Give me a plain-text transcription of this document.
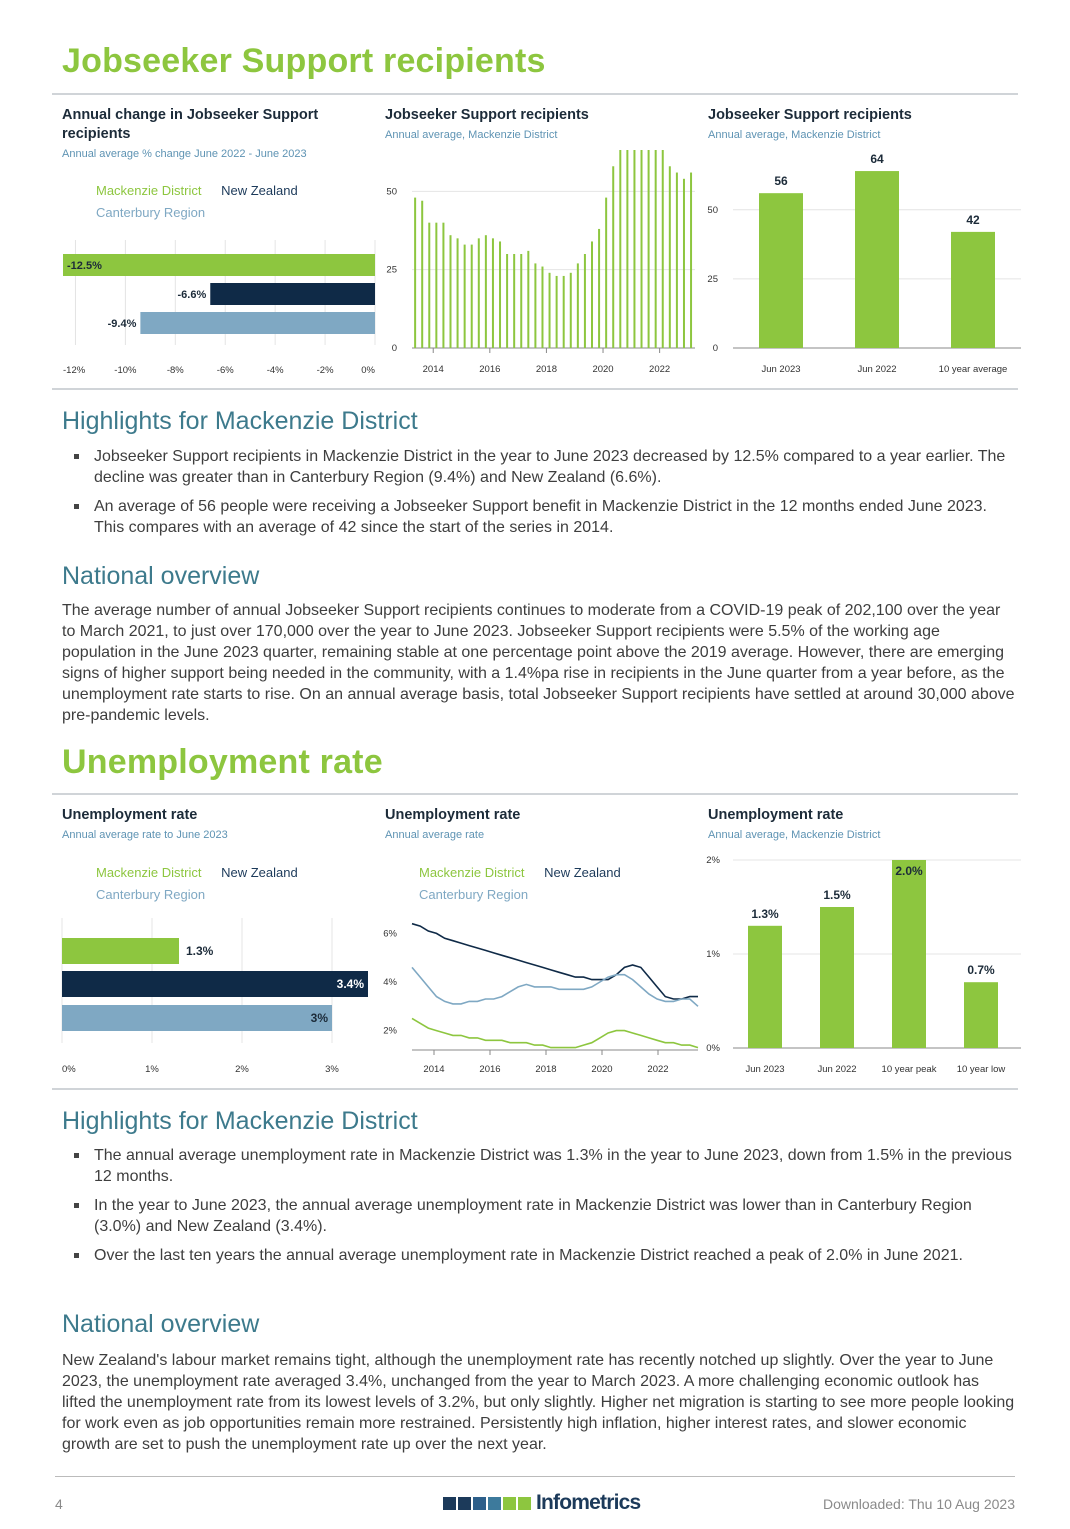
Jobseeker Support recipients
Annual change in Jobseeker Support recipients
Annual average % change June 2022 - June 2023
Mackenzie District New Zealand
Canterbury Region
-12.5%
-6.6%
-9.4%
-12%	-10%	-8%	-6%	-4%	-2%	0%
Jobseeker Support recipients
Annual average, Mackenzie District
0
25
50
2014	2016	2018	2020	2022
Jobseeker Support recipients
Annual average, Mackenzie District
0
25
50
56
Jun 2023
64
Jun 2022
42
10 year average
Highlights for Mackenzie District
Jobseeker Support recipients in Mackenzie District in the year to June 2023 decreased by 12.5% compared to a year earlier. The decline was greater than in Canterbury Region (9.4%) and New Zealand (6.6%).
An average of 56 people were receiving a Jobseeker Support benefit in Mackenzie District in the 12 months ended June 2023. This compares with an average of 42 since the start of the series in 2014.
National overview
The average number of annual Jobseeker Support recipients continues to moderate from a COVID-19 peak of 202,100 over the year to March 2021, to just over 170,000 over the year to June 2023. Jobseeker Support recipients were 5.5% of the working age population in the June 2023 quarter, remaining stable at one percentage point above the 2019 average. However, there are emerging signs of higher support being needed in the community, with a 1.4%pa rise in recipients in the June quarter from a year before, as the unemployment rate starts to rise. On an annual average basis, total Jobseeker Support recipients have settled at around 30,000 above pre-pandemic levels.
Unemployment rate
Unemployment rate
Annual average rate to June 2023
Mackenzie District New Zealand
Canterbury Region
1.3%
3.4%
3%
0%	1%	2%	3%
Unemployment rate
Annual average rate
Mackenzie District New Zealand
Canterbury Region
2%
4%
6%
2014	2016	2018	2020	2022
Unemployment rate
Annual average, Mackenzie District
0%
1%
2%
1.3%
Jun 2023
1.5%
Jun 2022
2.0%
10 year peak
0.7%
10 year low
Highlights for Mackenzie District
The annual average unemployment rate in Mackenzie District was 1.3% in the year to June 2023, down from 1.5% in the previous 12 months.
In the year to June 2023, the annual average unemployment rate in Mackenzie District was lower than in Canterbury Region (3.0%) and New Zealand (3.4%).
Over the last ten years the annual average unemployment rate in Mackenzie District reached a peak of 2.0% in June 2021.
National overview
New Zealand's labour market remains tight, although the unemployment rate has recently notched up slightly. Over the year to June 2023, the unemployment rate averaged 3.4%, unchanged from the year to March 2023. A more challenging economic outlook has lifted the unemployment rate from its lowest levels of 3.2%, but only slightly. Higher net migration is starting to see more people looking for work even as job opportunities remain more restrained. Persistently high inflation, higher interest rates, and slower economic growth are set to push the unemployment rate up over the next year.
4	Infometrics	Downloaded: Thu 10 Aug 2023
